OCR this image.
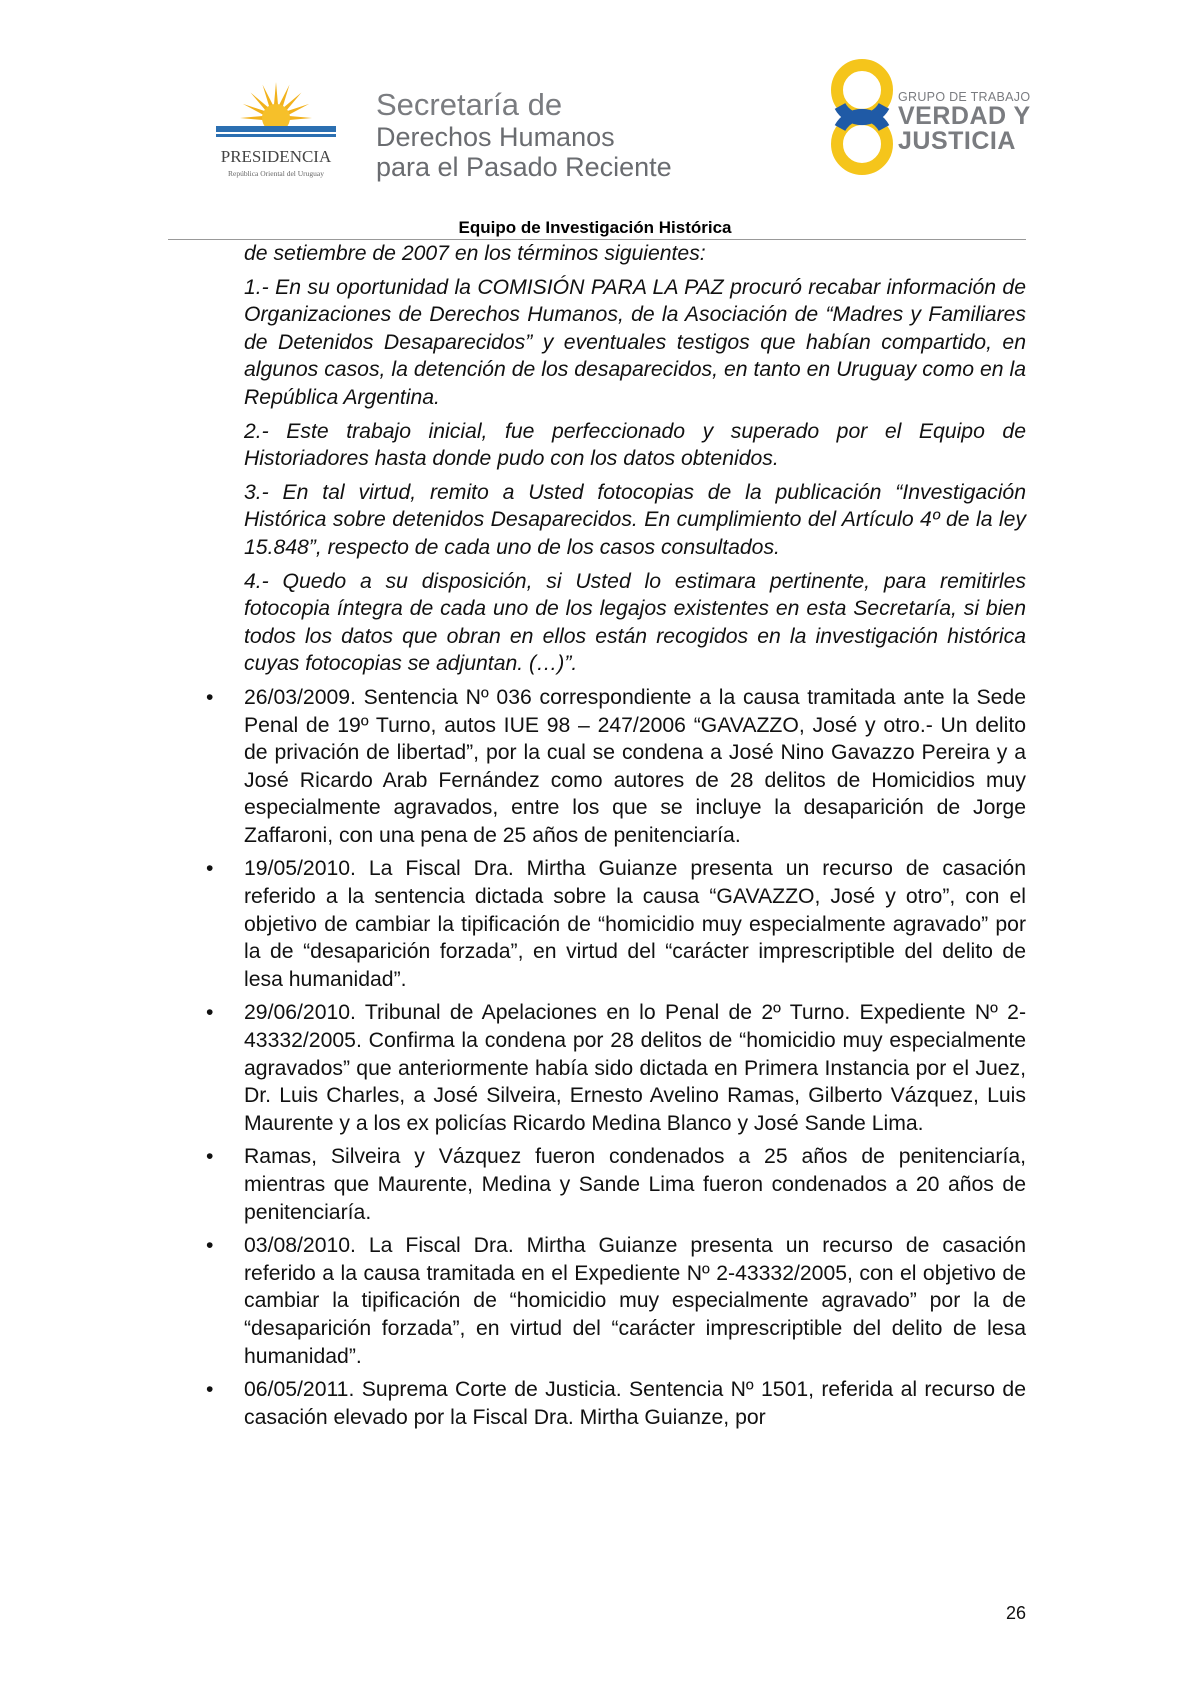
PRESIDENCIA
República Oriental del Uruguay
Secretaría de
Derechos Humanos
para el Pasado Reciente
GRUPO DE TRABAJO
VERDAD Y
JUSTICIA
Equipo de Investigación Histórica

de setiembre de 2007 en los términos siguientes:

1.- En su oportunidad la COMISIÓN PARA LA PAZ procuró recabar información de Organizaciones de Derechos Humanos, de la Asociación de “Madres y Familiares de Detenidos Desaparecidos” y eventuales testigos que habían compartido, en algunos casos, la detención de los desaparecidos, en tanto en Uruguay como en la República Argentina.

2.- Este trabajo inicial, fue perfeccionado y superado por el Equipo de Historiadores hasta donde pudo con los datos obtenidos.

3.- En tal virtud, remito a Usted fotocopias de la publicación “Investigación Histórica sobre detenidos Desaparecidos. En cumplimiento del Artículo 4º de la ley 15.848”, respecto de cada uno de los casos consultados.

4.- Quedo a su disposición, si Usted lo estimara pertinente, para remitirles fotocopia íntegra de cada uno de los legajos existentes en esta Secretaría, si bien todos los datos que obran en ellos están recogidos en la investigación histórica cuyas fotocopias se adjuntan. (…)”.

• 26/03/2009. Sentencia Nº 036 correspondiente a la causa tramitada ante la Sede Penal de 19º Turno, autos IUE 98 – 247/2006 “GAVAZZO, José y otro.- Un delito de privación de libertad”, por la cual se condena a José Nino Gavazzo Pereira y a José Ricardo Arab Fernández como autores de 28 delitos de Homicidios muy especialmente agravados, entre los que se incluye la desaparición de Jorge Zaffaroni, con una pena de 25 años de penitenciaría.
• 19/05/2010. La Fiscal Dra. Mirtha Guianze presenta un recurso de casación referido a la sentencia dictada sobre la causa “GAVAZZO, José y otro”, con el objetivo de cambiar la tipificación de “homicidio muy especialmente agravado” por la de “desaparición forzada”, en virtud del “carácter imprescriptible del delito de lesa humanidad”.
• 29/06/2010. Tribunal de Apelaciones en lo Penal de 2º Turno. Expediente Nº 2-43332/2005. Confirma la condena por 28 delitos de “homicidio muy especialmente agravados” que anteriormente había sido dictada en Primera Instancia por el Juez, Dr. Luis Charles, a José Silveira, Ernesto Avelino Ramas, Gilberto Vázquez, Luis Maurente y a los ex policías Ricardo Medina Blanco y José Sande Lima.
• Ramas, Silveira y Vázquez fueron condenados a 25 años de penitenciaría, mientras que Maurente, Medina y Sande Lima fueron condenados a 20 años de penitenciaría.
• 03/08/2010. La Fiscal Dra. Mirtha Guianze presenta un recurso de casación referido a la causa tramitada en el Expediente Nº 2-43332/2005, con el objetivo de cambiar la tipificación de “homicidio muy especialmente agravado” por la de “desaparición forzada”, en virtud del “carácter imprescriptible del delito de lesa humanidad”.
• 06/05/2011. Suprema Corte de Justicia. Sentencia Nº 1501, referida al recurso de casación elevado por la Fiscal Dra. Mirtha Guianze, por
26
